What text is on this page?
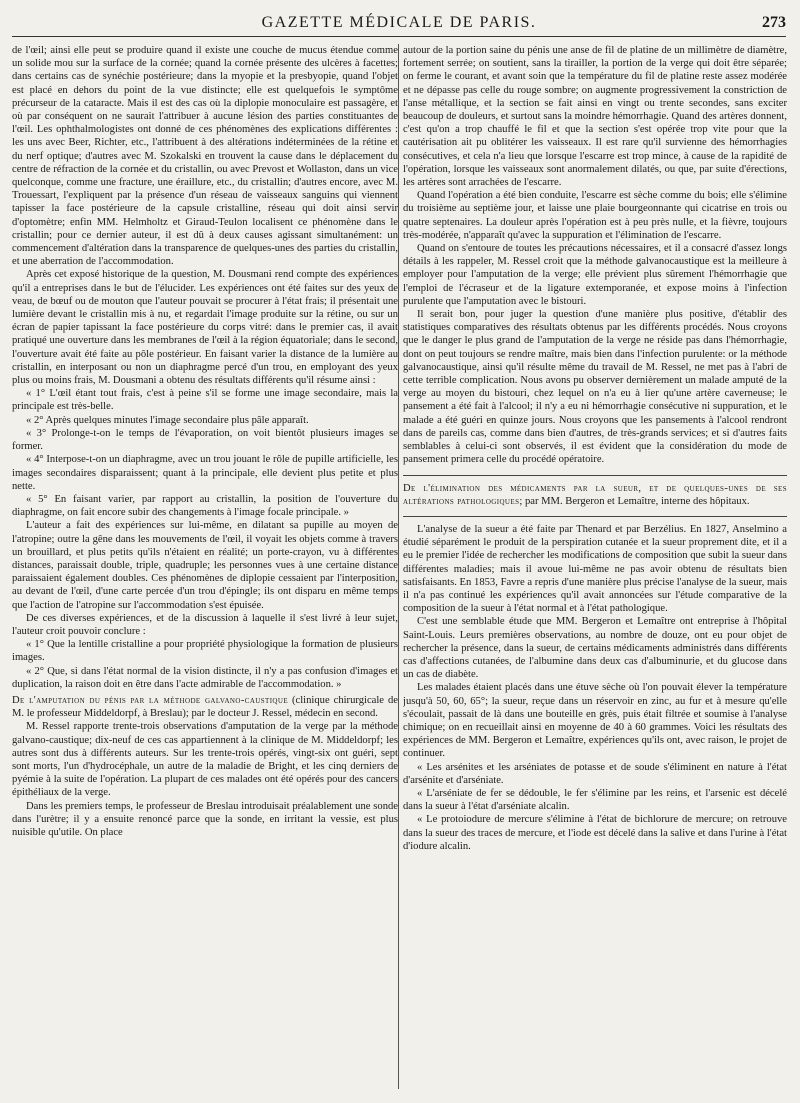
GAZETTE MÉDICALE DE PARIS.	273

de l'œil; ainsi elle peut se produire quand il existe une couche de mucus étendue comme un solide mou sur la surface de la cornée; quand la cornée présente des ulcères à facettes; dans certains cas de synéchie postérieure; dans la myopie et la presbyopie, quand l'objet est placé en dehors du point de la vue distincte; elle est quelquefois le symptôme précurseur de la cataracte. Mais il est des cas où la diplopie monoculaire est passagère, et où par conséquent on ne saurait l'attribuer à aucune lésion des parties constituantes de l'œil. Les ophthalmologistes ont donné de ces phénomènes des explications différentes : les uns avec Beer, Richter, etc., l'attribuent à des altérations indéterminées de la rétine et du nerf optique; d'autres avec M. Szokalski en trouvent la cause dans le déplacement du centre de réfraction de la cornée et du cristallin, ou avec Prevost et Wollaston, dans un vice quelconque, comme une fracture, une éraillure, etc., du cristallin; d'autres encore, avec M. Trouessart, l'expliquent par la présence d'un réseau de vaisseaux sanguins qui viennent tapisser la face postérieure de la capsule cristalline, réseau qui doit ainsi servir d'optomètre; enfin MM. Helmholtz et Giraud-Teulon localisent ce phénomène dans le cristallin; pour ce dernier auteur, il est dû à deux causes agissant simultanément: un commencement d'altération dans la transparence de quelques-unes des parties du cristallin, et une aberration de l'accommodation.

Après cet exposé historique de la question, M. Dousmani rend compte des expériences qu'il a entreprises dans le but de l'élucider. Les expériences ont été faites sur des yeux de veau, de bœuf ou de mouton que l'auteur pouvait se procurer à l'état frais; il présentait une lumière devant le cristallin mis à nu, et regardait l'image produite sur la rétine, ou sur un écran de papier tapissant la face postérieure du corps vitré: dans le premier cas, il avait pratiqué une ouverture dans les membranes de l'œil à la région équatoriale; dans le second, l'ouverture avait été faite au pôle postérieur. En faisant varier la distance de la lumière au cristallin, en interposant ou non un diaphragme percé d'un trou, en employant des yeux plus ou moins frais, M. Dousmani a obtenu des résultats différents qu'il résume ainsi :

« 1° L'œil étant tout frais, c'est à peine s'il se forme une image secondaire, mais la principale est très-belle.

« 2° Après quelques minutes l'image secondaire plus pâle apparaît.

« 3° Prolonge-t-on le temps de l'évaporation, on voit bientôt plusieurs images se former.

« 4° Interpose-t-on un diaphragme, avec un trou jouant le rôle de pupille artificielle, les images secondaires disparaissent; quant à la principale, elle devient plus petite et plus nette.

« 5° En faisant varier, par rapport au cristallin, la position de l'ouverture du diaphragme, on fait encore subir des changements à l'image focale principale. »

L'auteur a fait des expériences sur lui-même, en dilatant sa pupille au moyen de l'atropine; outre la gêne dans les mouvements de l'œil, il voyait les objets comme à travers un brouillard, et plus petits qu'ils n'étaient en réalité; un porte-crayon, vu à différentes distances, paraissait double, triple, quadruple; les personnes vues à une certaine distance paraissaient également doubles. Ces phénomènes de diplopie cessaient par l'interposition, au devant de l'œil, d'une carte percée d'un trou d'épingle; ils ont disparu en même temps que l'action de l'atropine sur l'accommodation s'est épuisée.

De ces diverses expériences, et de la discussion à laquelle il s'est livré à leur sujet, l'auteur croit pouvoir conclure :

« 1° Que la lentille cristalline a pour propriété physiologique la formation de plusieurs images.

« 2° Que, si dans l'état normal de la vision distincte, il n'y a pas confusion d'images et duplication, la raison doit en être dans l'acte admirable de l'accommodation. »

De l'amputation du pénis par la méthode galvano-caustique (clinique chirurgicale de M. le professeur Middeldorpf, à Breslau); par le docteur J. Ressel, médecin en second.

M. Ressel rapporte trente-trois observations d'amputation de la verge par la méthode galvano-caustique; dix-neuf de ces cas appartiennent à la clinique de M. Middeldorpf; les autres sont dus à différents auteurs. Sur les trente-trois opérés, vingt-six ont guéri, sept sont morts, l'un d'hydrocéphale, un autre de la maladie de Bright, et les cinq derniers de pyémie à la suite de l'opération. La plupart de ces malades ont été opérés pour des cancers épithéliaux de la verge.

Dans les premiers temps, le professeur de Breslau introduisait préalablement une sonde dans l'urètre; il y a ensuite renoncé parce que la sonde, en irritant la vessie, est plus nuisible qu'utile. On place

autour de la portion saine du pénis une anse de fil de platine de un millimètre de diamètre, fortement serrée; on soutient, sans la tirailler, la portion de la verge qui doit être séparée; on ferme le courant, et avant soin que la température du fil de platine reste assez modérée et ne dépasse pas celle du rouge sombre; on augmente progressivement la constriction de l'anse métallique, et la section se fait ainsi en vingt ou trente secondes, sans exciter beaucoup de douleurs, et surtout sans la moindre hémorrhagie. Quand des artères donnent, c'est qu'on a trop chauffé le fil et que la section s'est opérée trop vite pour que la cautérisation ait pu oblitérer les vaisseaux. Il est rare qu'il survienne des hémorrhagies consécutives, et cela n'a lieu que lorsque l'escarre est trop mince, à cause de la rapidité de l'opération, lorsque les vaisseaux sont anormalement dilatés, ou que, par suite d'érections, les artères sont arrachées de l'escarre.

Quand l'opération a été bien conduite, l'escarre est sèche comme du bois; elle s'élimine du troisième au septième jour, et laisse une plaie bourgeonnante qui cicatrise en trois ou quatre septenaires. La douleur après l'opération est à peu près nulle, et la fièvre, toujours très-modérée, n'apparaît qu'avec la suppuration et l'élimination de l'escarre.

Quand on s'entoure de toutes les précautions nécessaires, et il a consacré d'assez longs détails à les rappeler, M. Ressel croit que la méthode galvanocaustique est la meilleure à employer pour l'amputation de la verge; elle prévient plus sûrement l'hémorrhagie que l'emploi de l'écraseur et de la ligature extemporanée, et expose moins à l'infection purulente que l'amputation avec le bistouri.

Il serait bon, pour juger la question d'une manière plus positive, d'établir des statistiques comparatives des résultats obtenus par les différents procédés. Nous croyons que le danger le plus grand de l'amputation de la verge ne réside pas dans l'hémorrhagie, dont on peut toujours se rendre maître, mais bien dans l'infection purulente: or la méthode galvanocaustique, ainsi qu'il résulte même du travail de M. Ressel, ne met pas à l'abri de cette terrible complication. Nous avons pu observer dernièrement un malade amputé de la verge au moyen du bistouri, chez lequel on n'a eu à lier qu'une artère caverneuse; le pansement a été fait à l'alcool; il n'y a eu ni hémorrhagie consécutive ni suppuration, et le malade a été guéri en quinze jours. Nous croyons que les pansements à l'alcool rendront dans de pareils cas, comme dans bien d'autres, de très-grands services; et si d'autres faits semblables à celui-ci sont observés, il est évident que la considération du mode de pansement primera celle du procédé opératoire.

De l'élimination des médicaments par la sueur, et de quelques-unes de ses altérations pathologiques; par MM. Bergeron et Lemaître, interne des hôpitaux.

L'analyse de la sueur a été faite par Thenard et par Berzélius. En 1827, Anselmino a étudié séparément le produit de la perspiration cutanée et la sueur proprement dite, et il a eu le premier l'idée de rechercher les modifications de composition que subit la sueur dans différentes maladies; mais il avoue lui-même ne pas avoir obtenu de résultats bien satisfaisants. En 1853, Favre a repris d'une manière plus précise l'analyse de la sueur, mais il n'a pas continué les expériences qu'il avait annoncées sur l'étude comparative de la composition de la sueur à l'état normal et à l'état pathologique.

C'est une semblable étude que MM. Bergeron et Lemaître ont entreprise à l'hôpital Saint-Louis. Leurs premières observations, au nombre de douze, ont eu pour objet de rechercher la présence, dans la sueur, de certains médicaments administrés dans différents cas d'affections cutanées, de l'albumine dans deux cas d'albuminurie, et du glucose dans un cas de diabète.

Les malades étaient placés dans une étuve sèche où l'on pouvait élever la température jusqu'à 50, 60, 65°; la sueur, reçue dans un réservoir en zinc, au fur et à mesure qu'elle s'écoulait, passait de là dans une bouteille en grès, puis était filtrée et soumise à l'analyse chimique; on en recueillait ainsi en moyenne de 40 à 60 grammes. Voici les résultats des expériences de MM. Bergeron et Lemaître, expériences qu'ils ont, avec raison, le projet de continuer.

« Les arsénites et les arséniates de potasse et de soude s'éliminent en nature à l'état d'arsénite et d'arséniate.

« L'arséniate de fer se dédouble, le fer s'élimine par les reins, et l'arsenic est décelé dans la sueur à l'état d'arséniate alcalin.

« Le protoiodure de mercure s'élimine à l'état de bichlorure de mercure; on retrouve dans la sueur des traces de mercure, et l'iode est décelé dans la salive et dans l'urine à l'état d'iodure alcalin.
